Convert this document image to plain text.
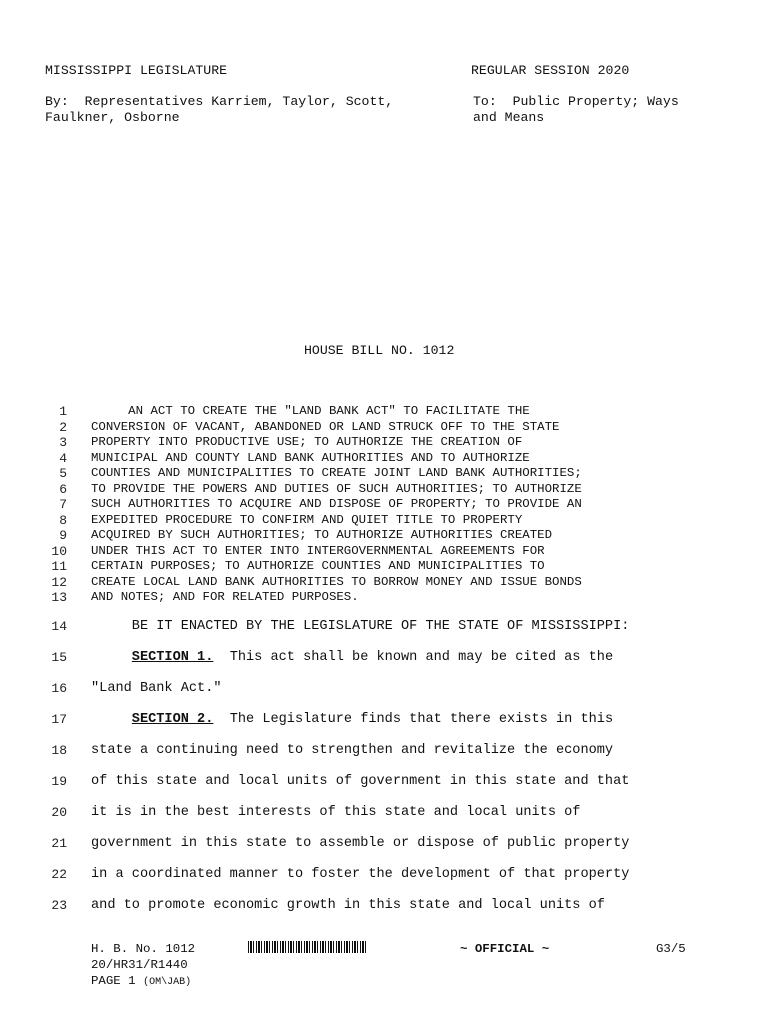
MISSISSIPPI LEGISLATURE	REGULAR SESSION 2020
By:  Representatives Karriem, Taylor, Scott,
Faulkner, Osborne
To:  Public Property; Ways
and Means
HOUSE BILL NO. 1012
1 AN ACT TO CREATE THE "LAND BANK ACT" TO FACILITATE THE
2 CONVERSION OF VACANT, ABANDONED OR LAND STRUCK OFF TO THE STATE
3 PROPERTY INTO PRODUCTIVE USE; TO AUTHORIZE THE CREATION OF
4 MUNICIPAL AND COUNTY LAND BANK AUTHORITIES AND TO AUTHORIZE
5 COUNTIES AND MUNICIPALITIES TO CREATE JOINT LAND BANK AUTHORITIES;
6 TO PROVIDE THE POWERS AND DUTIES OF SUCH AUTHORITIES; TO AUTHORIZE
7 SUCH AUTHORITIES TO ACQUIRE AND DISPOSE OF PROPERTY; TO PROVIDE AN
8 EXPEDITED PROCEDURE TO CONFIRM AND QUIET TITLE TO PROPERTY
9 ACQUIRED BY SUCH AUTHORITIES; TO AUTHORIZE AUTHORITIES CREATED
10 UNDER THIS ACT TO ENTER INTO INTERGOVERNMENTAL AGREEMENTS FOR
11 CERTAIN PURPOSES; TO AUTHORIZE COUNTIES AND MUNICIPALITIES TO
12 CREATE LOCAL LAND BANK AUTHORITIES TO BORROW MONEY AND ISSUE BONDS
13 AND NOTES; AND FOR RELATED PURPOSES.
14 BE IT ENACTED BY THE LEGISLATURE OF THE STATE OF MISSISSIPPI:
15	SECTION 1.  This act shall be known and may be cited as the
16 "Land Bank Act."
17	SECTION 2.  The Legislature finds that there exists in this
18 state a continuing need to strengthen and revitalize the economy
19 of this state and local units of government in this state and that
20 it is in the best interests of this state and local units of
21 government in this state to assemble or dispose of public property
22 in a coordinated manner to foster the development of that property
23 and to promote economic growth in this state and local units of
H. B. No. 1012	~ OFFICIAL ~	G3/5
20/HR31/R1440
PAGE 1 (OM\JAB)
